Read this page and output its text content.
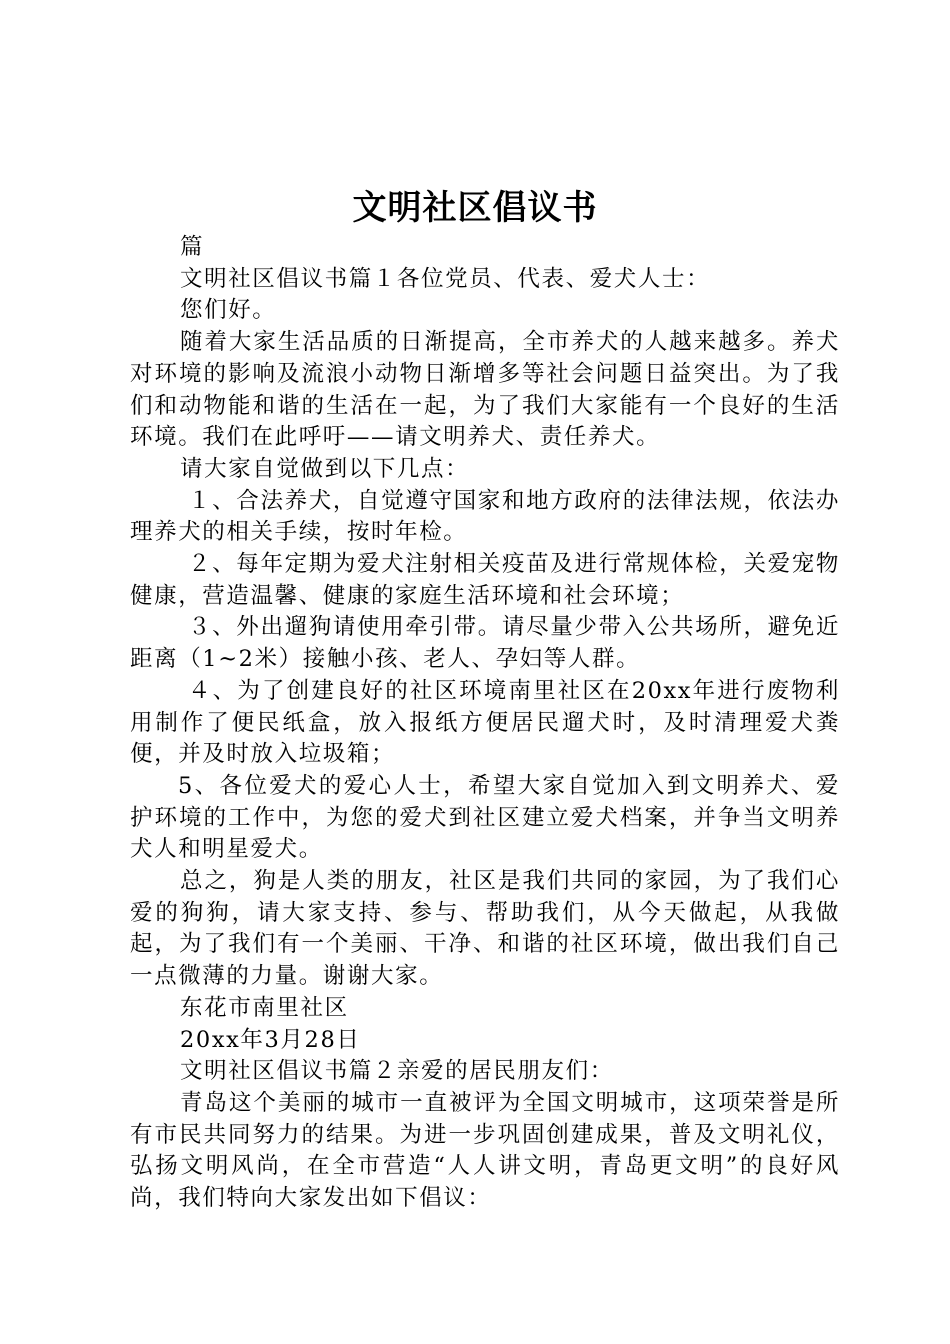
文明社区倡议书

篇

文明社区倡议书篇１各位党员、代表、爱犬人士：

您们好。

随着大家生活品质的日渐提高，全市养犬的人越来越多。养犬对环境的影响及流浪小动物日渐增多等社会问题日益突出。为了我们和动物能和谐的生活在一起，为了我们大家能有一个良好的生活环境。我们在此呼吁——请文明养犬、责任养犬。

请大家自觉做到以下几点：

１、合法养犬，自觉遵守国家和地方政府的法律法规，依法办理养犬的相关手续，按时年检。

２、每年定期为爱犬注射相关疫苗及进行常规体检，关爱宠物健康，营造温馨、健康的家庭生活环境和社会环境；

３、外出遛狗请使用牵引带。请尽量少带入公共场所，避免近距离（1~2米）接触小孩、老人、孕妇等人群。

４、为了创建良好的社区环境南里社区在20xx年进行废物利用制作了便民纸盒，放入报纸方便居民遛犬时，及时清理爱犬粪便，并及时放入垃圾箱；

5、各位爱犬的爱心人士，希望大家自觉加入到文明养犬、爱护环境的工作中，为您的爱犬到社区建立爱犬档案，并争当文明养犬人和明星爱犬。

总之，狗是人类的朋友，社区是我们共同的家园，为了我们心爱的狗狗，请大家支持、参与、帮助我们，从今天做起，从我做起，为了我们有一个美丽、干净、和谐的社区环境，做出我们自己一点微薄的力量。谢谢大家。

东花市南里社区

20xx年3月28日

文明社区倡议书篇２亲爱的居民朋友们：

青岛这个美丽的城市一直被评为全国文明城市，这项荣誉是所有市民共同努力的结果。为进一步巩固创建成果，普及文明礼仪，弘扬文明风尚，在全市营造“人人讲文明，青岛更文明”的良好风尚，我们特向大家发出如下倡议：
